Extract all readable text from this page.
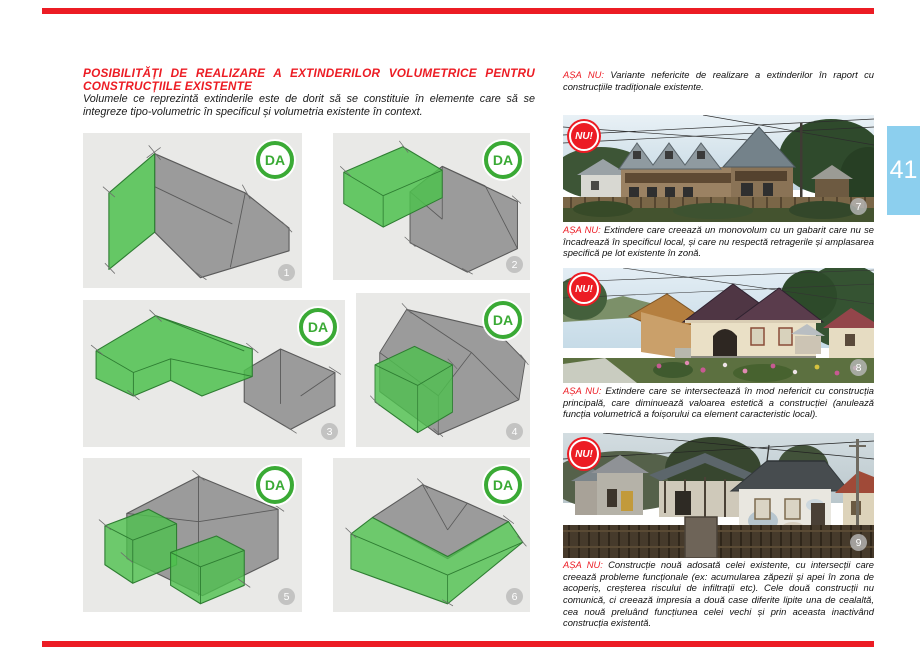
41
POSIBILITĂȚI DE REALIZARE A EXTINDERILOR VOLUMETRICE PENTRU CONSTRUCȚIILE EXISTENTE

Volumele ce reprezintă extinderile este de dorit să se constituie în elemente care să se integreze tipo-volumetric în specificul și volumetria existente în context.

AȘA NU: Variante nefericite de realizare a extinderilor în raport cu construcțiile tradiționale existente.

DA
1
DA
2
DA
3
DA
4
DA
5
DA
6
NU!
7

AȘA NU: Extindere care creează un monovolum cu un gabarit care nu se încadrează în specificul local, și care nu respectă retragerile și amplasarea specifică pe lot existente în zonă.

NU!
8

AȘA NU: Extindere care se intersectează în mod nefericit cu construcția principală, care diminuează valoarea estetică a construcției (anulează funcția volumetrică a foișorului ca element caracteristic local).

NU!
9

AȘA NU: Construcție nouă adosată celei existente, cu intersecții care creează probleme funcționale (ex: acumularea zăpezii și apei în zona de acoperiș, creșterea riscului de infiltrații etc). Cele două construcții nu comunică, ci creează impresia a două case diferite lipite una de cealaltă, cea nouă preluând funcțiunea celei vechi și prin aceasta inactivând construcția existentă.
